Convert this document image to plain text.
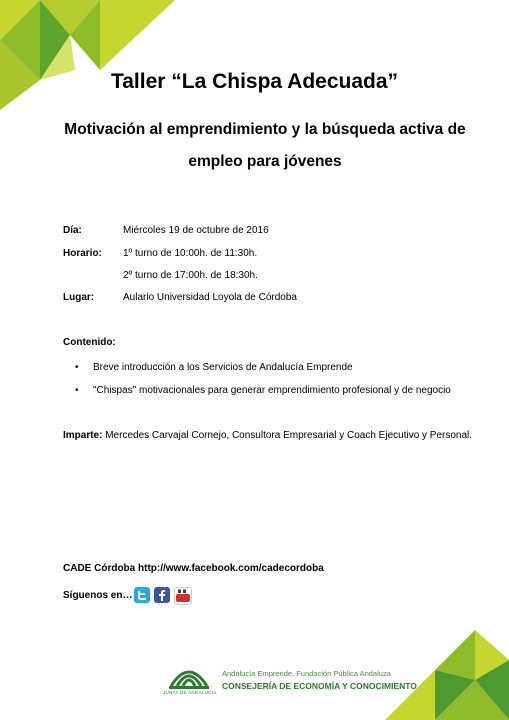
Taller “La Chispa Adecuada”
Motivación al emprendimiento y la búsqueda activa de
empleo para jóvenes
Día:	Miércoles 19 de octubre de 2016
Horario: 1º turno de 10:00h. de 11:30h.
2º turno de 17:00h. de 18:30h.
Lugar:	Aulario Universidad Loyola de Córdoba
Contenido:
• Breve introducción a los Servicios de Andalucía Emprende
• "Chispas" motivacionales para generar emprendimiento profesional y de negocio
Imparte: Mercedes Carvajal Cornejo, Consultora Empresarial y Coach Ejecutivo y Personal.
CADE Córdoba http://www.facebook.com/cadecordoba
Síguenos en…
JUNTA DE ANDALUCIA
Andalucía Emprende, Fundación Pública Andaluza
CONSEJERÍA DE ECONOMÍA Y CONOCIMIENTO
